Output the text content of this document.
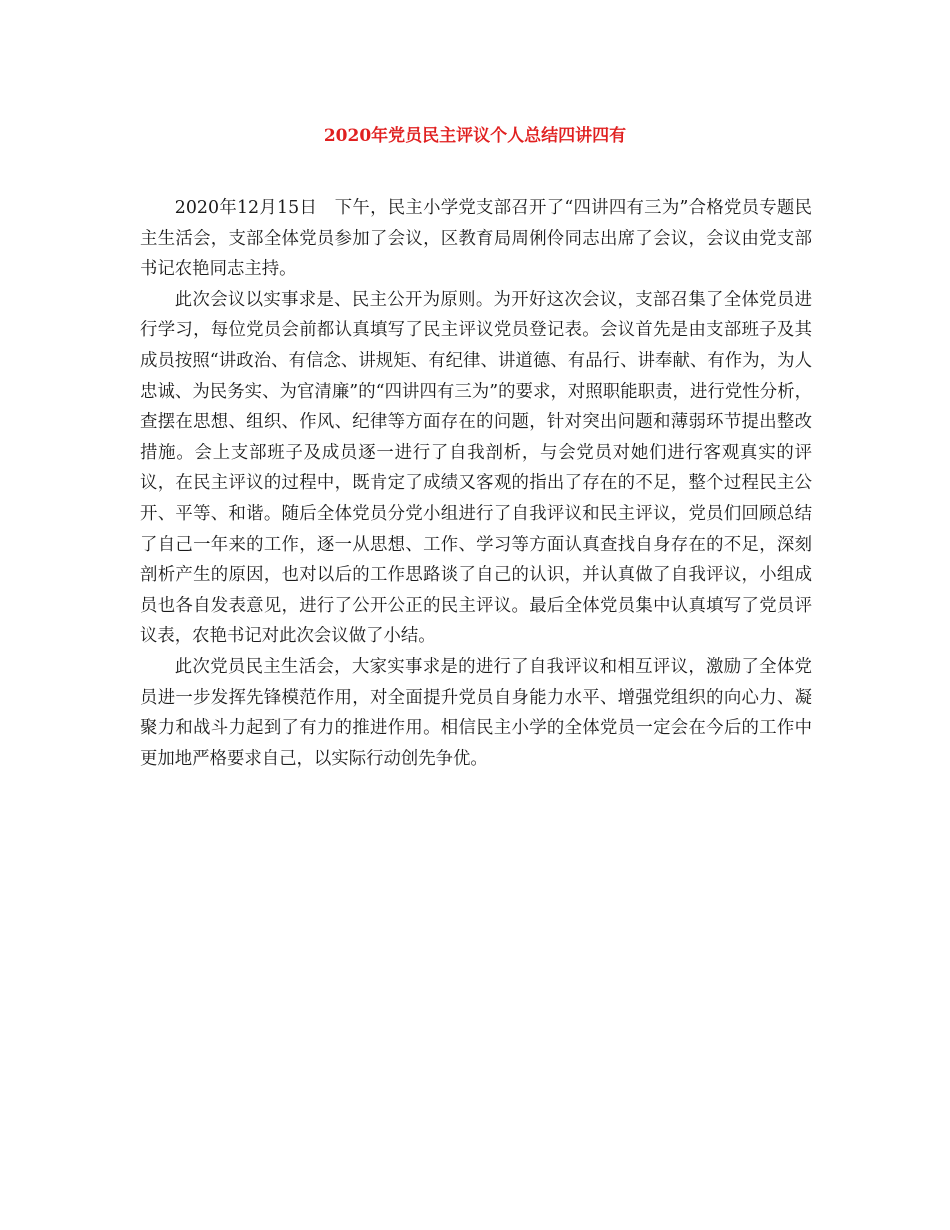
2020年党员民主评议个人总结四讲四有

2020年12月15日　下午，民主小学党支部召开了“四讲四有三为”合格党员专题民主生活会，支部全体党员参加了会议，区教育局周俐伶同志出席了会议，会议由党支部书记农艳同志主持。

此次会议以实事求是、民主公开为原则。为开好这次会议，支部召集了全体党员进行学习，每位党员会前都认真填写了民主评议党员登记表。会议首先是由支部班子及其成员按照“讲政治、有信念、讲规矩、有纪律、讲道德、有品行、讲奉献、有作为，为人忠诚、为民务实、为官清廉”的“四讲四有三为”的要求，对照职能职责，进行党性分析，查摆在思想、组织、作风、纪律等方面存在的问题，针对突出问题和薄弱环节提出整改措施。会上支部班子及成员逐一进行了自我剖析，与会党员对她们进行客观真实的评议，在民主评议的过程中，既肯定了成绩又客观的指出了存在的不足，整个过程民主公开、平等、和谐。随后全体党员分党小组进行了自我评议和民主评议，党员们回顾总结了自己一年来的工作，逐一从思想、工作、学习等方面认真查找自身存在的不足，深刻剖析产生的原因，也对以后的工作思路谈了自己的认识，并认真做了自我评议，小组成员也各自发表意见，进行了公开公正的民主评议。最后全体党员集中认真填写了党员评议表，农艳书记对此次会议做了小结。

此次党员民主生活会，大家实事求是的进行了自我评议和相互评议，激励了全体党员进一步发挥先锋模范作用，对全面提升党员自身能力水平、增强党组织的向心力、凝聚力和战斗力起到了有力的推进作用。相信民主小学的全体党员一定会在今后的工作中更加地严格要求自己，以实际行动创先争优。
